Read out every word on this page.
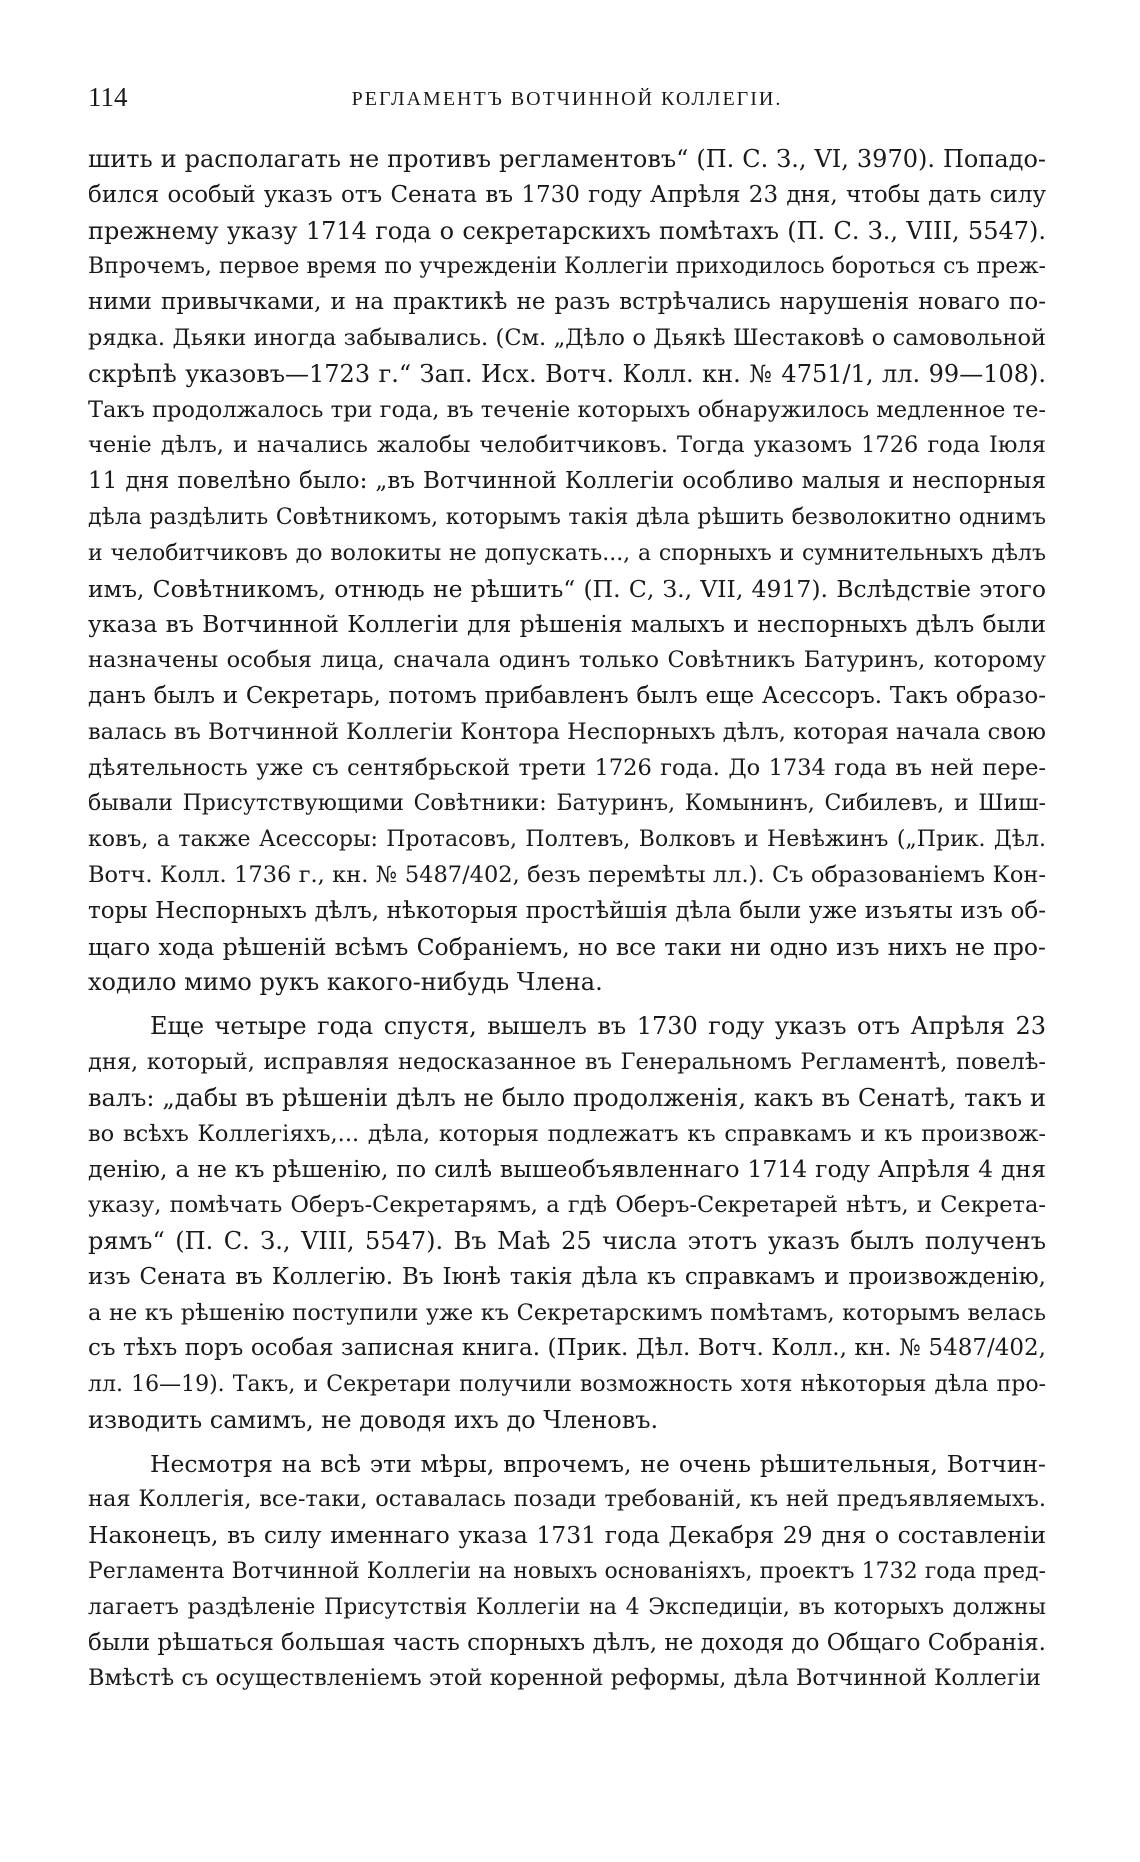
114	РЕГЛАМЕНТЪ ВОТЧИННОЙ КОЛЛЕГІИ.
шить и располагать не противъ регламентовъ“ (П. С. З., VI, 3970). Попадо-
бился особый указъ отъ Сената въ 1730 году Апрѣля 23 дня, чтобы дать силу
прежнему указу 1714 года о секретарскихъ помѣтахъ (П. С. З., VIII, 5547).
Впрочемъ, первое время по учрежденіи Коллегіи приходилось бороться съ преж-
ними привычками, и на практикѣ не разъ встрѣчались нарушенія новаго по-
рядка. Дьяки иногда забывались. (См. „Дѣло о Дьякѣ Шестаковѣ о самовольной
скрѣпѣ указовъ—1723 г.“ Зап. Исх. Вотч. Колл. кн. № 4751/1, лл. 99—108).
Такъ продолжалось три года, въ теченіе которыхъ обнаружилось медленное те-
ченіе дѣлъ, и начались жалобы челобитчиковъ. Тогда указомъ 1726 года Іюля
11 дня повелѣно было: „въ Вотчинной Коллегіи особливо малыя и неспорныя
дѣла раздѣлить Совѣтникомъ, которымъ такія дѣла рѣшить безволокитно однимъ
и челобитчиковъ до волокиты не допускать..., а спорныхъ и сумнительныхъ дѣлъ
имъ, Совѣтникомъ, отнюдь не рѣшить“ (П. С, З., VII, 4917). Вслѣдствіе этого
указа въ Вотчинной Коллегіи для рѣшенія малыхъ и неспорныхъ дѣлъ были
назначены особыя лица, сначала одинъ только Совѣтникъ Батуринъ, которому
данъ былъ и Секретарь, потомъ прибавленъ былъ еще Асессоръ. Такъ образо-
валась въ Вотчинной Коллегіи Контора Неспорныхъ дѣлъ, которая начала свою
дѣятельность уже съ сентябрьской трети 1726 года. До 1734 года въ ней пере-
бывали Присутствующими Совѣтники: Батуринъ, Комынинъ, Сибилевъ, и Шиш-
ковъ, а также Асессоры: Протасовъ, Полтевъ, Волковъ и Невѣжинъ („Прик. Дѣл.
Вотч. Колл. 1736 г., кн. № 5487/402, безъ перемѣты лл.). Съ образованіемъ Кон-
торы Неспорныхъ дѣлъ, нѣкоторыя простѣйшія дѣла были уже изъяты изъ об-
щаго хода рѣшеній всѣмъ Собраніемъ, но все таки ни одно изъ нихъ не про-
ходило мимо рукъ какого-нибудь Члена.
Еще четыре года спустя, вышелъ въ 1730 году указъ отъ Апрѣля 23
дня, который, исправляя недосказанное въ Генеральномъ Регламентѣ, повелѣ-
валъ: „дабы въ рѣшеніи дѣлъ не было продолженія, какъ въ Сенатѣ, такъ и
во всѣхъ Коллегіяхъ,... дѣла, которыя подлежатъ къ справкамъ и къ произвож-
денію, а не къ рѣшенію, по силѣ вышеобъявленнаго 1714 году Апрѣля 4 дня
указу, помѣчать Оберъ-Секретарямъ, а гдѣ Оберъ-Секретарей нѣтъ, и Секрета-
рямъ“ (П. С. З., VIII, 5547). Въ Маѣ 25 числа этотъ указъ былъ полученъ
изъ Сената въ Коллегію. Въ Іюнѣ такія дѣла къ справкамъ и произвожденію,
а не къ рѣшенію поступили уже къ Секретарскимъ помѣтамъ, которымъ велась
съ тѣхъ поръ особая записная книга. (Прик. Дѣл. Вотч. Колл., кн. № 5487/402,
лл. 16—19). Такъ, и Секретари получили возможность хотя нѣкоторыя дѣла про-
изводить самимъ, не доводя ихъ до Членовъ.
Несмотря на всѣ эти мѣры, впрочемъ, не очень рѣшительныя, Вотчин-
ная Коллегія, все-таки, оставалась позади требованій, къ ней предъявляемыхъ.
Наконецъ, въ силу именнаго указа 1731 года Декабря 29 дня о составленіи
Регламента Вотчинной Коллегіи на новыхъ основаніяхъ, проектъ 1732 года пред-
лагаетъ раздѣленіе Присутствія Коллегіи на 4 Экспедиціи, въ которыхъ должны
были рѣшаться большая часть спорныхъ дѣлъ, не доходя до Общаго Собранія.
Вмѣстѣ съ осуществленіемъ этой коренной реформы, дѣла Вотчинной Коллегіи
